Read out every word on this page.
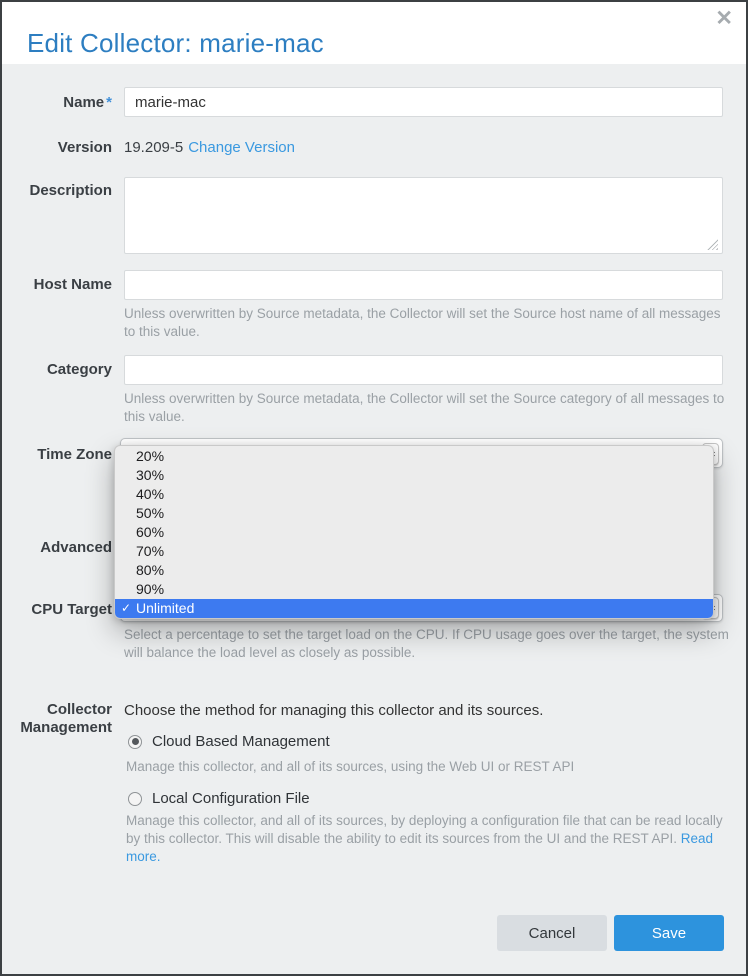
Edit Collector: marie-mac
✕
Name *
marie-mac
Version 19.209-5 Change Version
Description
Host Name
Unless overwritten by Source metadata, the Collector will set the Source host name of all messages to this value.
Category
Unless overwritten by Source metadata, the Collector will set the Source category of all messages to this value.
Time Zone
Advanced
CPU Target
Select a percentage to set the target load on the CPU. If CPU usage goes over the target, the system will balance the load level as closely as possible.
20%
30%
40%
50%
60%
70%
80%
90%
✓ Unlimited
Collector Management
Choose the method for managing this collector and its sources.
Cloud Based Management
Manage this collector, and all of its sources, using the Web UI or REST API
Local Configuration File
Manage this collector, and all of its sources, by deploying a configuration file that can be read locally by this collector. This will disable the ability to edit its sources from the UI and the REST API. Read more.
Cancel	Save
